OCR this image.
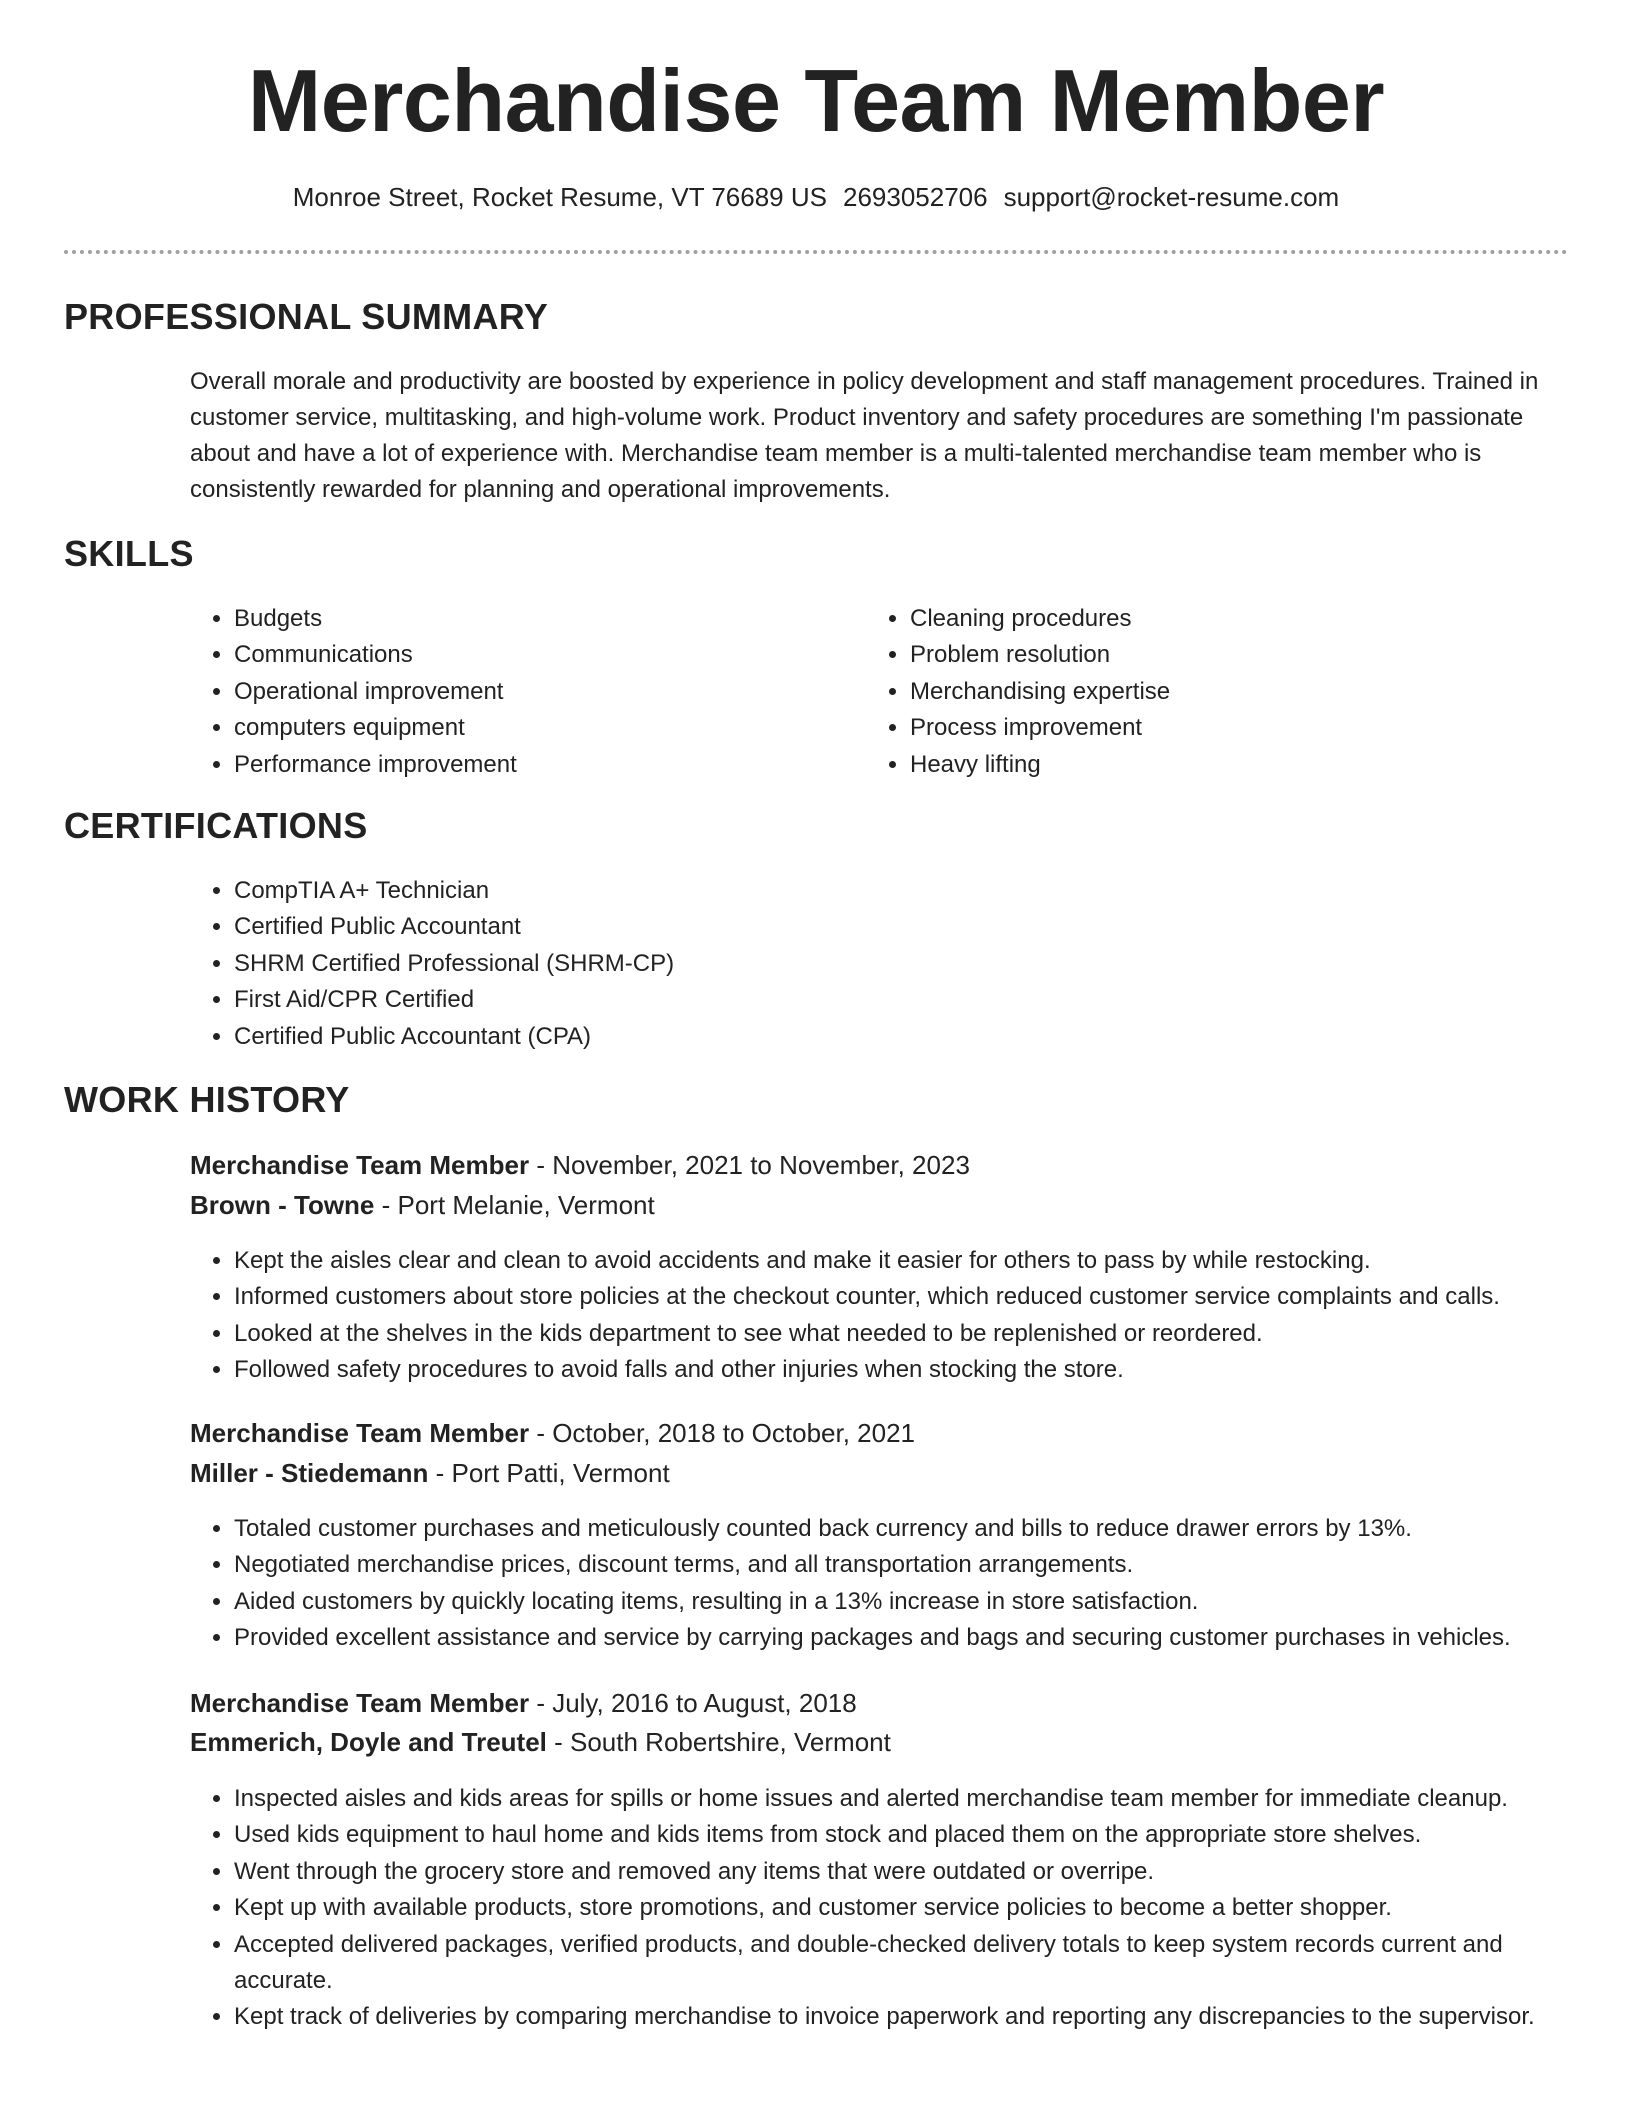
Merchandise Team Member
Monroe Street, Rocket Resume, VT 76689 US 2693052706 support@rocket-resume.com
PROFESSIONAL SUMMARY

Overall morale and productivity are boosted by experience in policy development and staff management procedures. Trained in customer service, multitasking, and high-volume work. Product inventory and safety procedures are something I'm passionate about and have a lot of experience with. Merchandise team member is a multi-talented merchandise team member who is consistently rewarded for planning and operational improvements.

SKILLS
• Budgets
• Communications
• Operational improvement
• computers equipment
• Performance improvement
• Cleaning procedures
• Problem resolution
• Merchandising expertise
• Process improvement
• Heavy lifting
CERTIFICATIONS
• CompTIA A+ Technician
• Certified Public Accountant
• SHRM Certified Professional (SHRM-CP)
• First Aid/CPR Certified
• Certified Public Accountant (CPA)
WORK HISTORY
Merchandise Team Member - November, 2021 to November, 2023
Brown - Towne - Port Melanie, Vermont
• Kept the aisles clear and clean to avoid accidents and make it easier for others to pass by while restocking.
• Informed customers about store policies at the checkout counter, which reduced customer service complaints and calls.
• Looked at the shelves in the kids department to see what needed to be replenished or reordered.
• Followed safety procedures to avoid falls and other injuries when stocking the store.
Merchandise Team Member - October, 2018 to October, 2021
Miller - Stiedemann - Port Patti, Vermont
• Totaled customer purchases and meticulously counted back currency and bills to reduce drawer errors by 13%.
• Negotiated merchandise prices, discount terms, and all transportation arrangements.
• Aided customers by quickly locating items, resulting in a 13% increase in store satisfaction.
• Provided excellent assistance and service by carrying packages and bags and securing customer purchases in vehicles.
Merchandise Team Member - July, 2016 to August, 2018
Emmerich, Doyle and Treutel - South Robertshire, Vermont
• Inspected aisles and kids areas for spills or home issues and alerted merchandise team member for immediate cleanup.
• Used kids equipment to haul home and kids items from stock and placed them on the appropriate store shelves.
• Went through the grocery store and removed any items that were outdated or overripe.
• Kept up with available products, store promotions, and customer service policies to become a better shopper.
• Accepted delivered packages, verified products, and double-checked delivery totals to keep system records current and accurate.
• Kept track of deliveries by comparing merchandise to invoice paperwork and reporting any discrepancies to the supervisor.
